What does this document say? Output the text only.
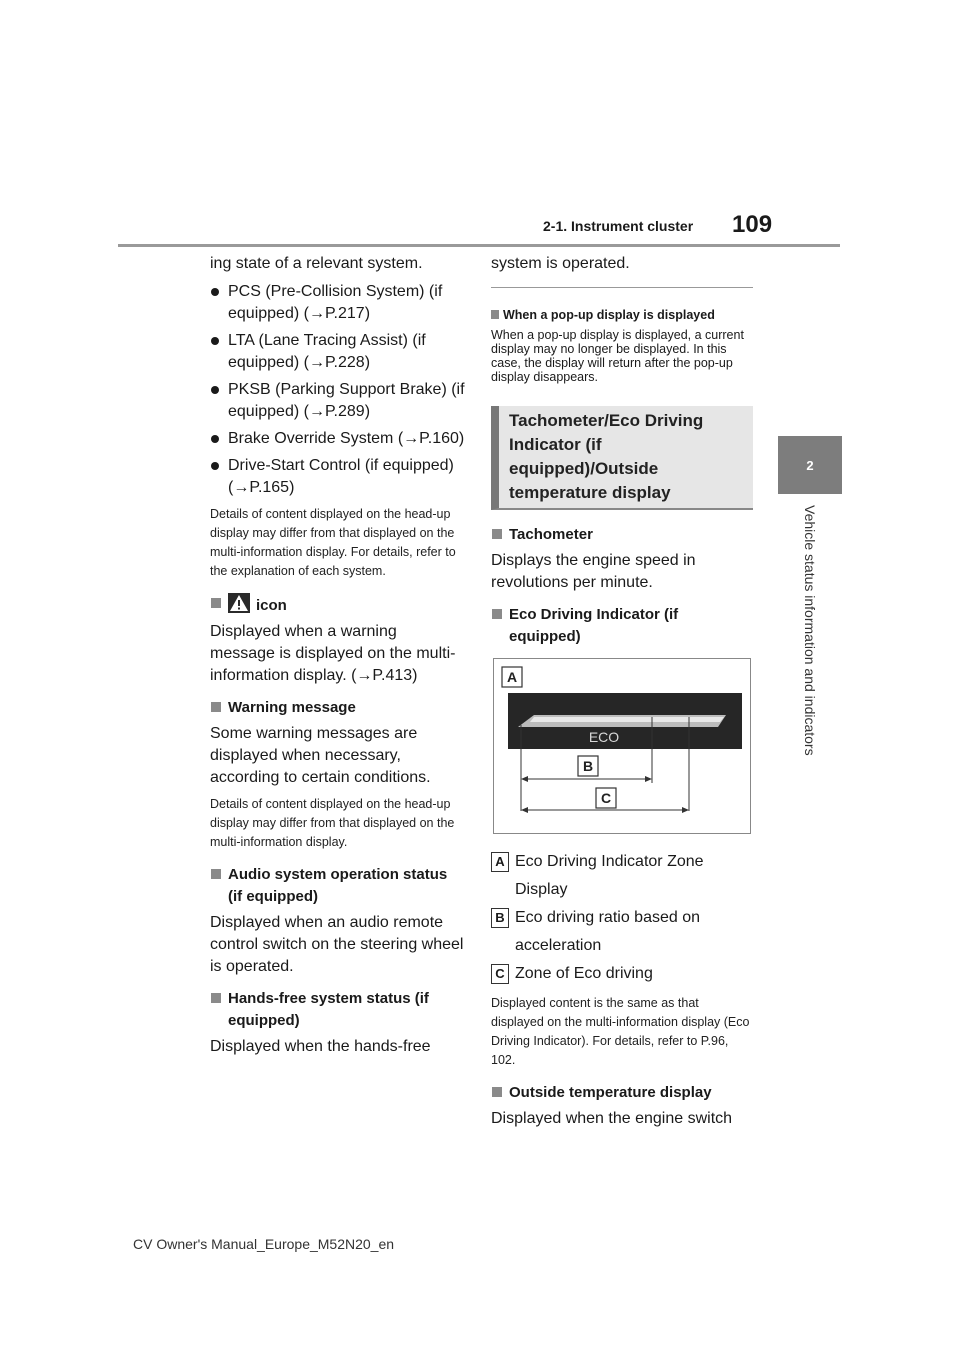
2-1. Instrument cluster 109
2
Vehicle status information and indicators

ing state of a relevant system.

PCS (Pre-Collision System) (if equipped) (→P.217)
LTA (Lane Tracing Assist) (if equipped) (→P.228)
PKSB (Parking Support Brake) (if equipped) (→P.289)
Brake Override System (→P.160)
Drive-Start Control (if equipped) (→P.165)

Details of content displayed on the head-up display may differ from that displayed on the multi-information display. For details, refer to the explanation of each system.

icon

Displayed when a warning message is displayed on the multi-information display. (→P.413)

Warning message

Some warning messages are displayed when necessary, according to certain conditions.

Details of content displayed on the head-up display may differ from that displayed on the multi-information display.

Audio system operation status (if equipped)

Displayed when an audio remote control switch on the steering wheel is operated.

Hands-free system status (if equipped)

Displayed when the hands-free

system is operated.

When a pop-up display is displayed

When a pop-up display is displayed, a current display may no longer be displayed. In this case, the display will return after the pop-up display disappears.

Tachometer/Eco Driving Indicator (if equipped)/Outside temperature display
Tachometer

Displays the engine speed in revolutions per minute.

Eco Driving Indicator (if equipped)
A
ECO
B
C
A Eco Driving Indicator Zone Display
B Eco driving ratio based on acceleration
C Zone of Eco driving

Displayed content is the same as that displayed on the multi-information display (Eco Driving Indicator). For details, refer to P.96, 102.

Outside temperature display

Displayed when the engine switch

CV Owner's Manual_Europe_M52N20_en
